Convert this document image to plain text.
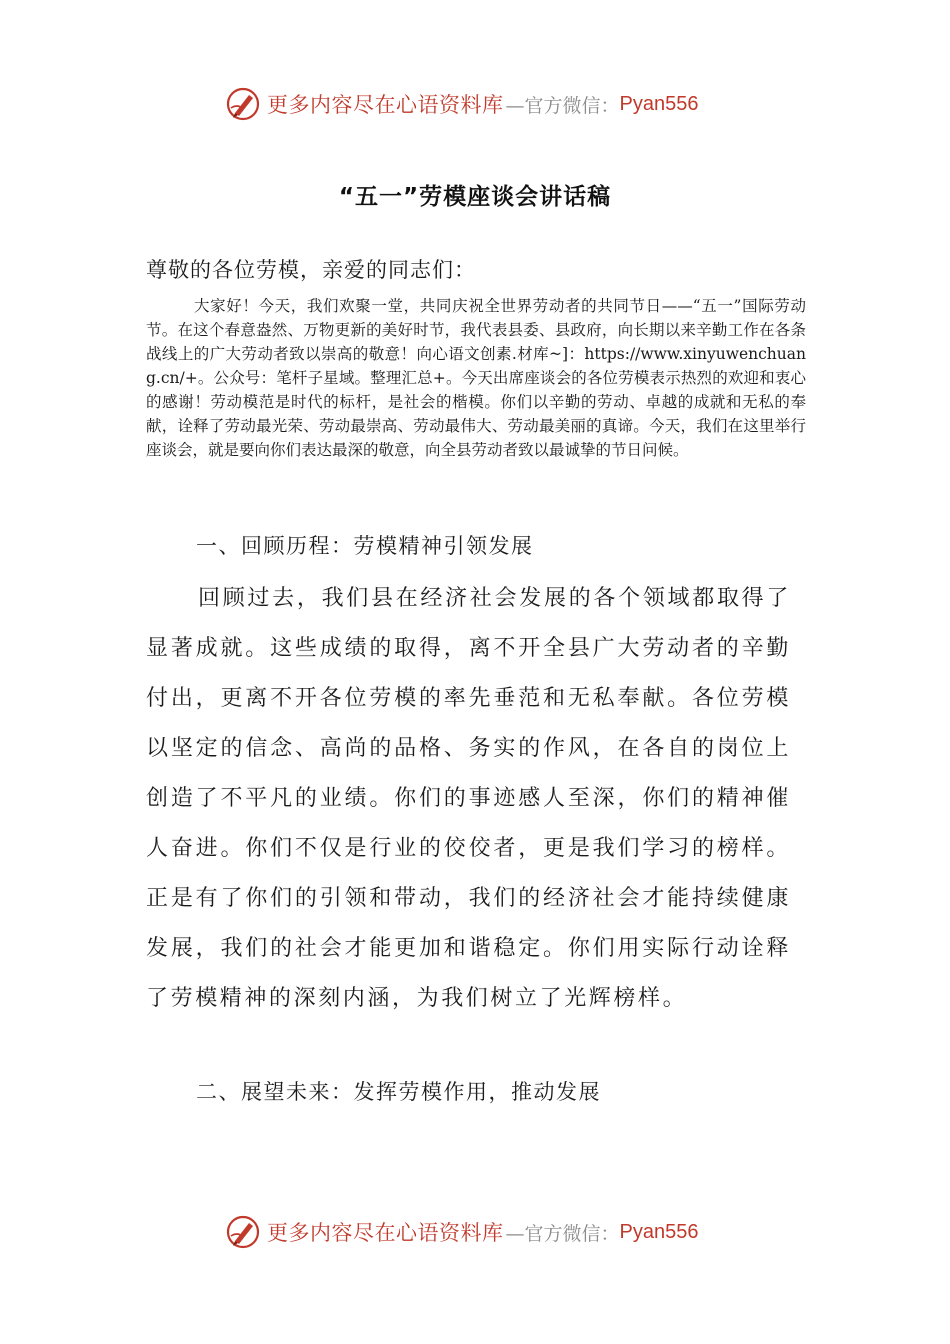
更多内容尽在心语资料库 —官方微信： Pyan556
“五一”劳模座谈会讲话稿
尊敬的各位劳模，亲爱的同志们：

大家好！今天，我们欢聚一堂，共同庆祝全世界劳动者的共同节日——“五一”国际劳动节。在这个春意盎然、万物更新的美好时节，我代表县委、县政府，向长期以来辛勤工作在各条战线上的广大劳动者致以崇高的敬意！向心语文创素.材库~]：https://www.xinyuwenchuang.cn/+。公众号：笔杆子星域。整理汇总+。今天出席座谈会的各位劳模表示热烈的欢迎和衷心的感谢！劳动模范是时代的标杆，是社会的楷模。你们以辛勤的劳动、卓越的成就和无私的奉献，诠释了劳动最光荣、劳动最崇高、劳动最伟大、劳动最美丽的真谛。今天，我们在这里举行座谈会，就是要向你们表达最深的敬意，向全县劳动者致以最诚挚的节日问候。

一、回顾历程：劳模精神引领发展

回顾过去，我们县在经济社会发展的各个领域都取得了显著成就。这些成绩的取得，离不开全县广大劳动者的辛勤付出，更离不开各位劳模的率先垂范和无私奉献。各位劳模以坚定的信念、高尚的品格、务实的作风，在各自的岗位上创造了不平凡的业绩。你们的事迹感人至深，你们的精神催人奋进。你们不仅是行业的佼佼者，更是我们学习的榜样。正是有了你们的引领和带动，我们的经济社会才能持续健康发展，我们的社会才能更加和谐稳定。你们用实际行动诠释了劳模精神的深刻内涵，为我们树立了光辉榜样。

二、展望未来：发挥劳模作用，推动发展
更多内容尽在心语资料库 —官方微信： Pyan556
